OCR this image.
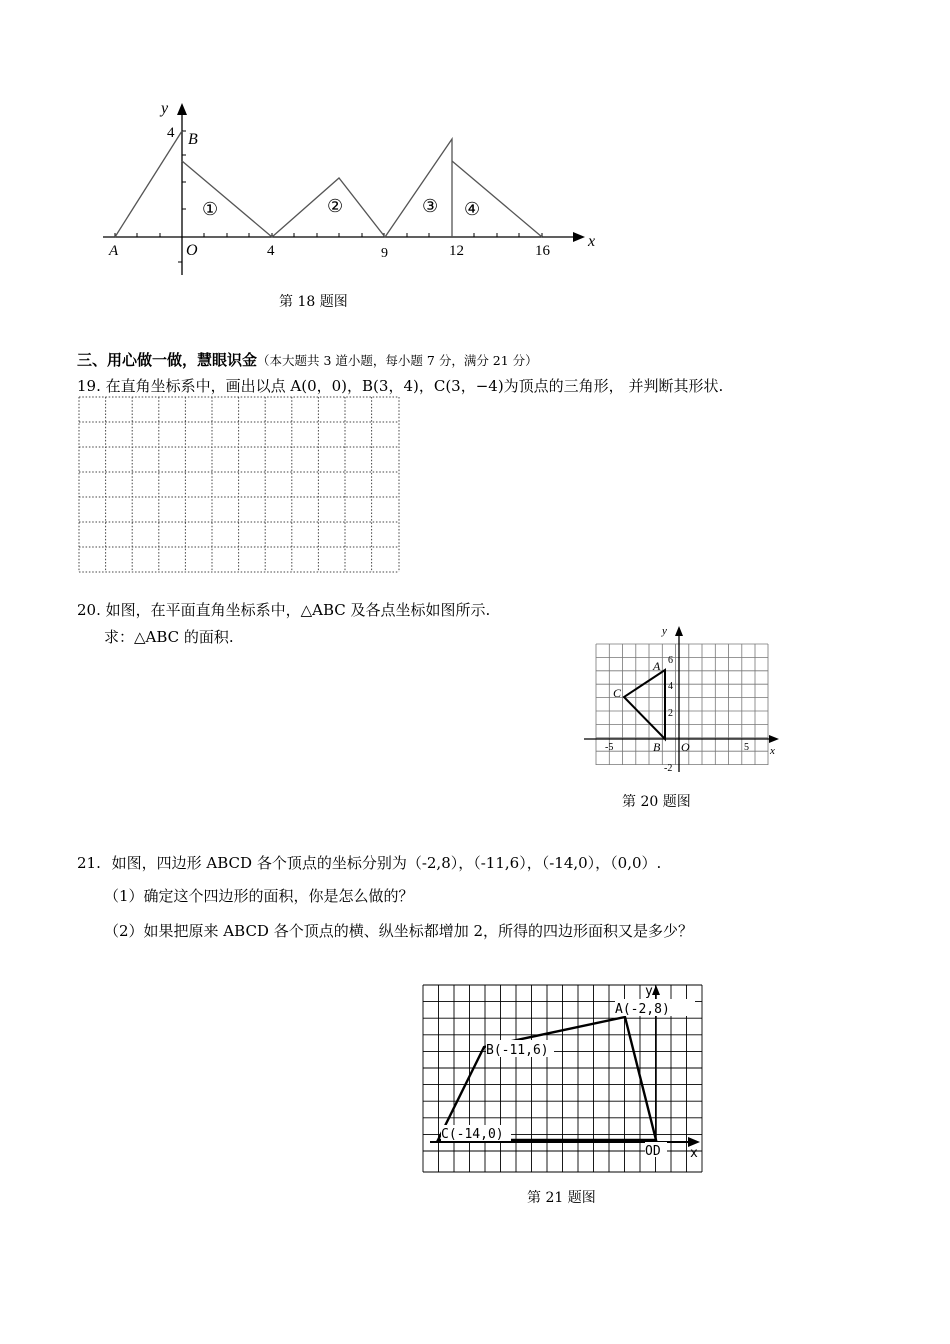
y
x
4 B
O
A	4	9	12	16
①	②	③ ④
第 18 题图
三、用心做一做，慧眼识金（本大题共 3 道小题，每小题 7 分，满分 21 分）
19. 在直角坐标系中，画出以点 A(0，0)，B(3，4)，C(3，−4)为顶点的三角形， 并判断其形状.
20. 如图，在平面直角坐标系中，△ABC 及各点坐标如图所示.
求：△ABC 的面积.	y
x
A
B
C
O
6
4
2
-2
-5	5
第 20 题图
21. 如图，四边形 ABCD 各个顶点的坐标分别为（-2,8），（-11,6），（-14,0），（0,0）.
（1）确定这个四边形的面积，你是怎么做的？
（2）如果把原来 ABCD 各个顶点的横、纵坐标都增加 2，所得的四边形面积又是多少？
A(-2,8)
B(-11,6)
C(-14,0)
OD x
y
第 21 题图
